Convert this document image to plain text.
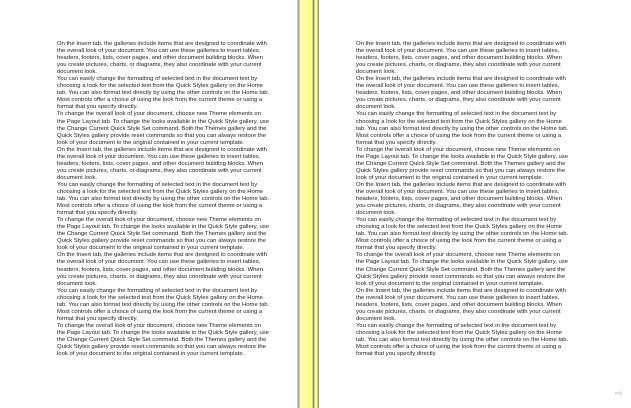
On the Insert tab, the galleries include items that are designed to coordinate with
the overall look of your document. You can use these galleries to insert tables,
headers, footers, lists, cover pages, and other document building blocks. When
you create pictures, charts, or diagrams, they also coordinate with your current
document look.
You can easily change the formatting of selected text in the document text by
choosing a look for the selected text from the Quick Styles gallery on the Home
tab. You can also format text directly by using the other controls on the Home tab.
Most controls offer a choice of using the look from the current theme or using a
format that you specify directly.
To change the overall look of your document, choose new Theme elements on
the Page Layout tab. To change the looks available in the Quick Style gallery, use
the Change Current Quick Style Set command. Both the Themes gallery and the
Quick Styles gallery provide reset commands so that you can always restore the
look of your document to the original contained in your current template.
On the Insert tab, the galleries include items that are designed to coordinate with
the overall look of your document. You can use these galleries to insert tables,
headers, footers, lists, cover pages, and other document building blocks. When
you create pictures, charts, or diagrams, they also coordinate with your current
document look.
You can easily change the formatting of selected text in the document text by
choosing a look for the selected text from the Quick Styles gallery on the Home
tab. You can also format text directly by using the other controls on the Home tab.
Most controls offer a choice of using the look from the current theme or using a
format that you specify directly.
To change the overall look of your document, choose new Theme elements on
the Page Layout tab. To change the looks available in the Quick Style gallery, use
the Change Current Quick Style Set command. Both the Themes gallery and the
Quick Styles gallery provide reset commands so that you can always restore the
look of your document to the original contained in your current template.
On the Insert tab, the galleries include items that are designed to coordinate with
the overall look of your document. You can use these galleries to insert tables,
headers, footers, lists, cover pages, and other document building blocks. When
you create pictures, charts, or diagrams, they also coordinate with your current
document look.
You can easily change the formatting of selected text in the document text by
choosing a look for the selected text from the Quick Styles gallery on the Home
tab. You can also format text directly by using the other controls on the Home tab.
Most controls offer a choice of using the look from the current theme or using a
format that you specify directly.
To change the overall look of your document, choose new Theme elements on
the Page Layout tab. To change the looks available in the Quick Style gallery, use
the Change Current Quick Style Set command. Both the Themes gallery and the
Quick Styles gallery provide reset commands so that you can always restore the
look of your document to the original contained in your current template.
On the Insert tab, the galleries include items that are designed to coordinate with
the overall look of your document. You can use these galleries to insert tables,
headers, footers, lists, cover pages, and other document building blocks. When
you create pictures, charts, or diagrams, they also coordinate with your current
document look.
On the Insert tab, the galleries include items that are designed to coordinate with
the overall look of your document. You can use these galleries to insert tables,
headers, footers, lists, cover pages, and other document building blocks. When
you create pictures, charts, or diagrams, they also coordinate with your current
document look.
You can easily change the formatting of selected text in the document text by
choosing a look for the selected text from the Quick Styles gallery on the Home
tab. You can also format text directly by using the other controls on the Home tab.
Most controls offer a choice of using the look from the current theme or using a
format that you specify directly.
To change the overall look of your document, choose new Theme elements on
the Page Layout tab. To change the looks available in the Quick Style gallery, use
the Change Current Quick Style Set command. Both the Themes gallery and the
Quick Styles gallery provide reset commands so that you can always restore the
look of your document to the original contained in your current template.
On the Insert tab, the galleries include items that are designed to coordinate with
the overall look of your document. You can use these galleries to insert tables,
headers, footers, lists, cover pages, and other document building blocks. When
you create pictures, charts, or diagrams, they also coordinate with your current
document look.
You can easily change the formatting of selected text in the document text by
choosing a look for the selected text from the Quick Styles gallery on the Home
tab. You can also format text directly by using the other controls on the Home tab.
Most controls offer a choice of using the look from the current theme or using a
format that you specify directly.
To change the overall look of your document, choose new Theme elements on
the Page Layout tab. To change the looks available in the Quick Style gallery, use
the Change Current Quick Style Set command. Both the Themes gallery and the
Quick Styles gallery provide reset commands so that you can always restore the
look of your document to the original contained in your current template.
On the Insert tab, the galleries include items that are designed to coordinate with
the overall look of your document. You can use these galleries to insert tables,
headers, footers, lists, cover pages, and other document building blocks. When
you create pictures, charts, or diagrams, they also coordinate with your current
document look.
You can easily change the formatting of selected text in the document text by
choosing a look for the selected text from the Quick Styles gallery on the Home
tab. You can also format text directly by using the other controls on the Home tab.
Most controls offer a choice of using the look from the current theme or using a
format that you specify directly.
⇨
